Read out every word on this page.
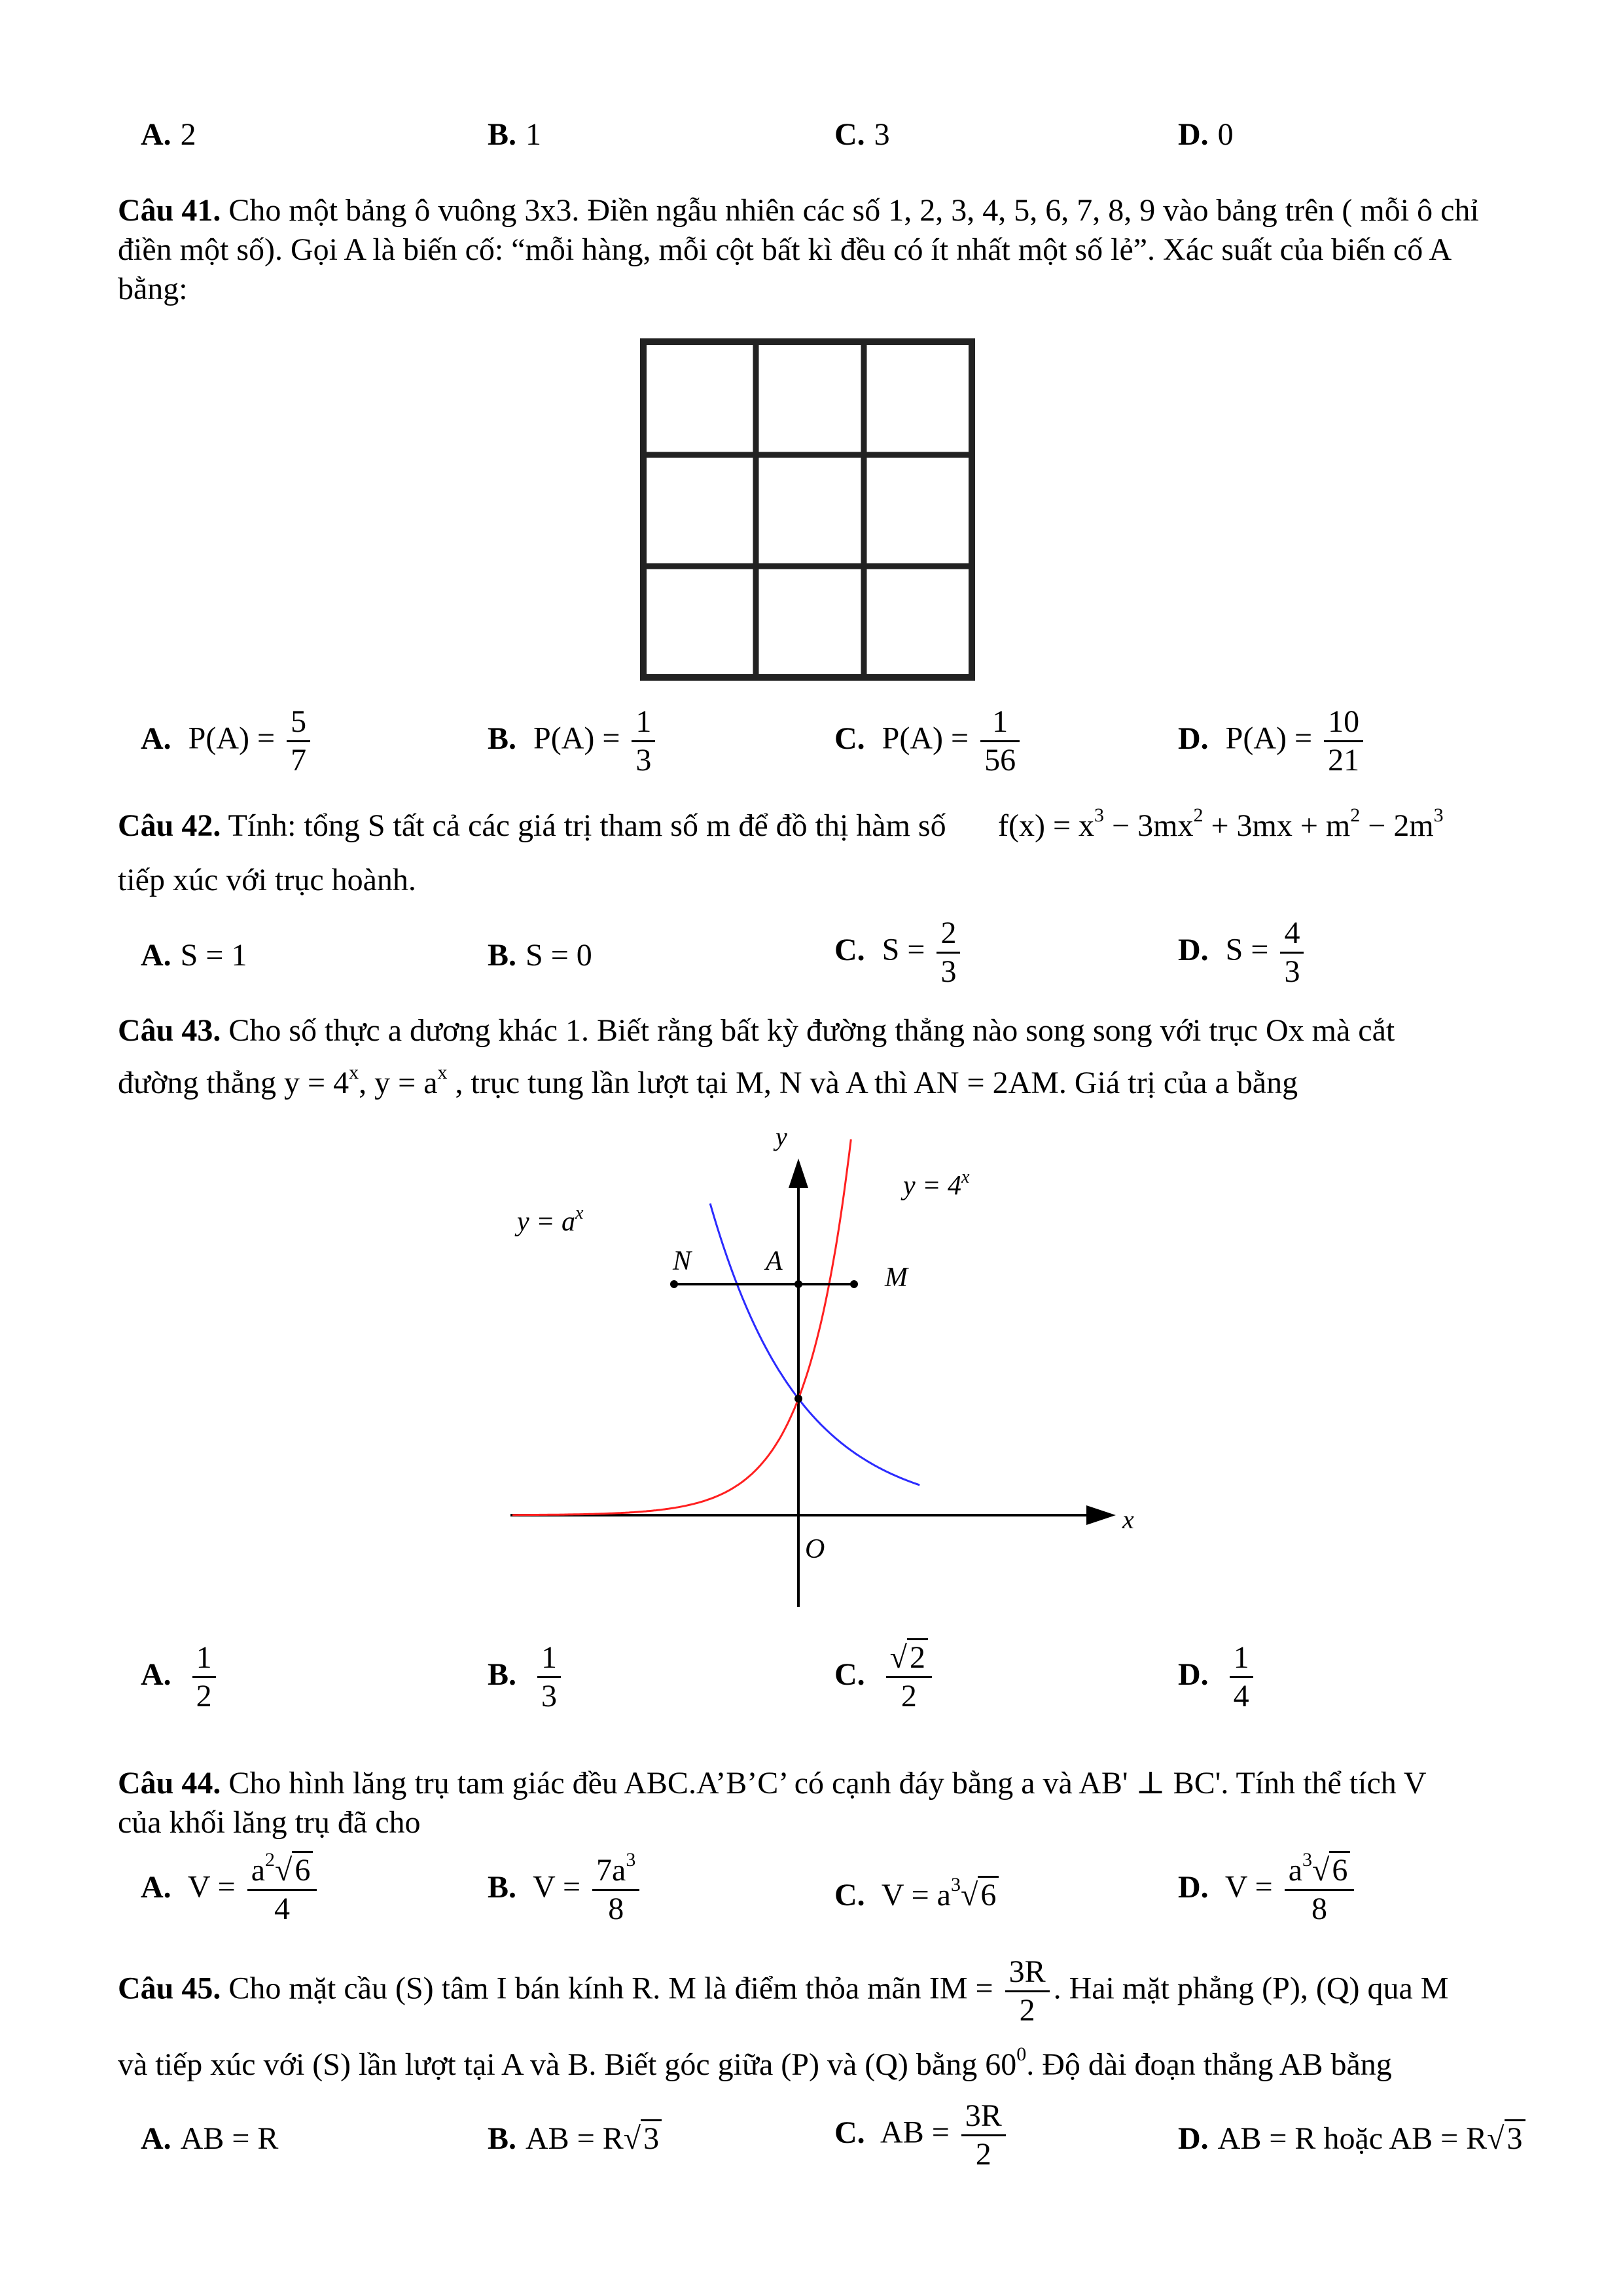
A. 2	B. 1	C. 3	D. 0
Câu 41. Cho một bảng ô vuông 3x3. Điền ngẫu nhiên các số 1, 2, 3, 4, 5, 6, 7, 8, 9 vào bảng trên ( mỗi ô chỉ điền một số). Gọi A là biến cố: “mỗi hàng, mỗi cột bất kì đều có ít nhất một số lẻ”. Xác suất của biến cố A bằng:
A. $P(A) = \frac{5}{7}$	B. $P(A) = \frac{1}{3}$	C. $P(A) = \frac{1}{56}$	D. $P(A) = \frac{10}{21}$
Câu 42. Tính: tổng S tất cả các giá trị tham số m để đồ thị hàm số $f(x) = x^3 - 3mx^2 + 3mx + m^2 - 2m^3$
tiếp xúc với trục hoành.
A. S = 1	B. S = 0	C. $S = \frac{2}{3}$	D. $S = \frac{4}{3}$
Câu 43. Cho số thực a dương khác 1. Biết rằng bất kỳ đường thẳng nào song song với trục Ox mà cắt
đường thẳng $y = 4^x$, $y = a^x$ , trục tung lần lượt tại M, N và A thì AN = 2AM. Giá trị của a bằng
y
x
O
N	A
M
$y = a^x$
$y = 4^x$
A. $\frac{1}{2}$	B. $\frac{1}{3}$	C. $\frac{√2}{2}$	D. $\frac{1}{4}$
Câu 44. Cho hình lăng trụ tam giác đều ABC.A’B’C’ có cạnh đáy bằng a và AB' ⊥ BC'. Tính thể tích V
của khối lăng trụ đã cho
A. $V = \frac{a^2√6}{4}$	B. $V = \frac{7a^3}{8}$	C. $V = a^3√6$	D. $V = \frac{a^3√6}{8}$
Câu 45. Cho mặt cầu (S) tâm I bán kính R. M là điểm thỏa mãn IM = $\frac{3R}{2}$ . Hai mặt phẳng (P), (Q) qua M
và tiếp xúc với (S) lần lượt tại A và B. Biết góc giữa (P) và (Q) bằng $60^0$. Độ dài đoạn thẳng AB bằng
A. AB = R	B. AB = R√3	C. AB = $\frac{3R}{2}$	D. AB = R hoặc AB = R√3
